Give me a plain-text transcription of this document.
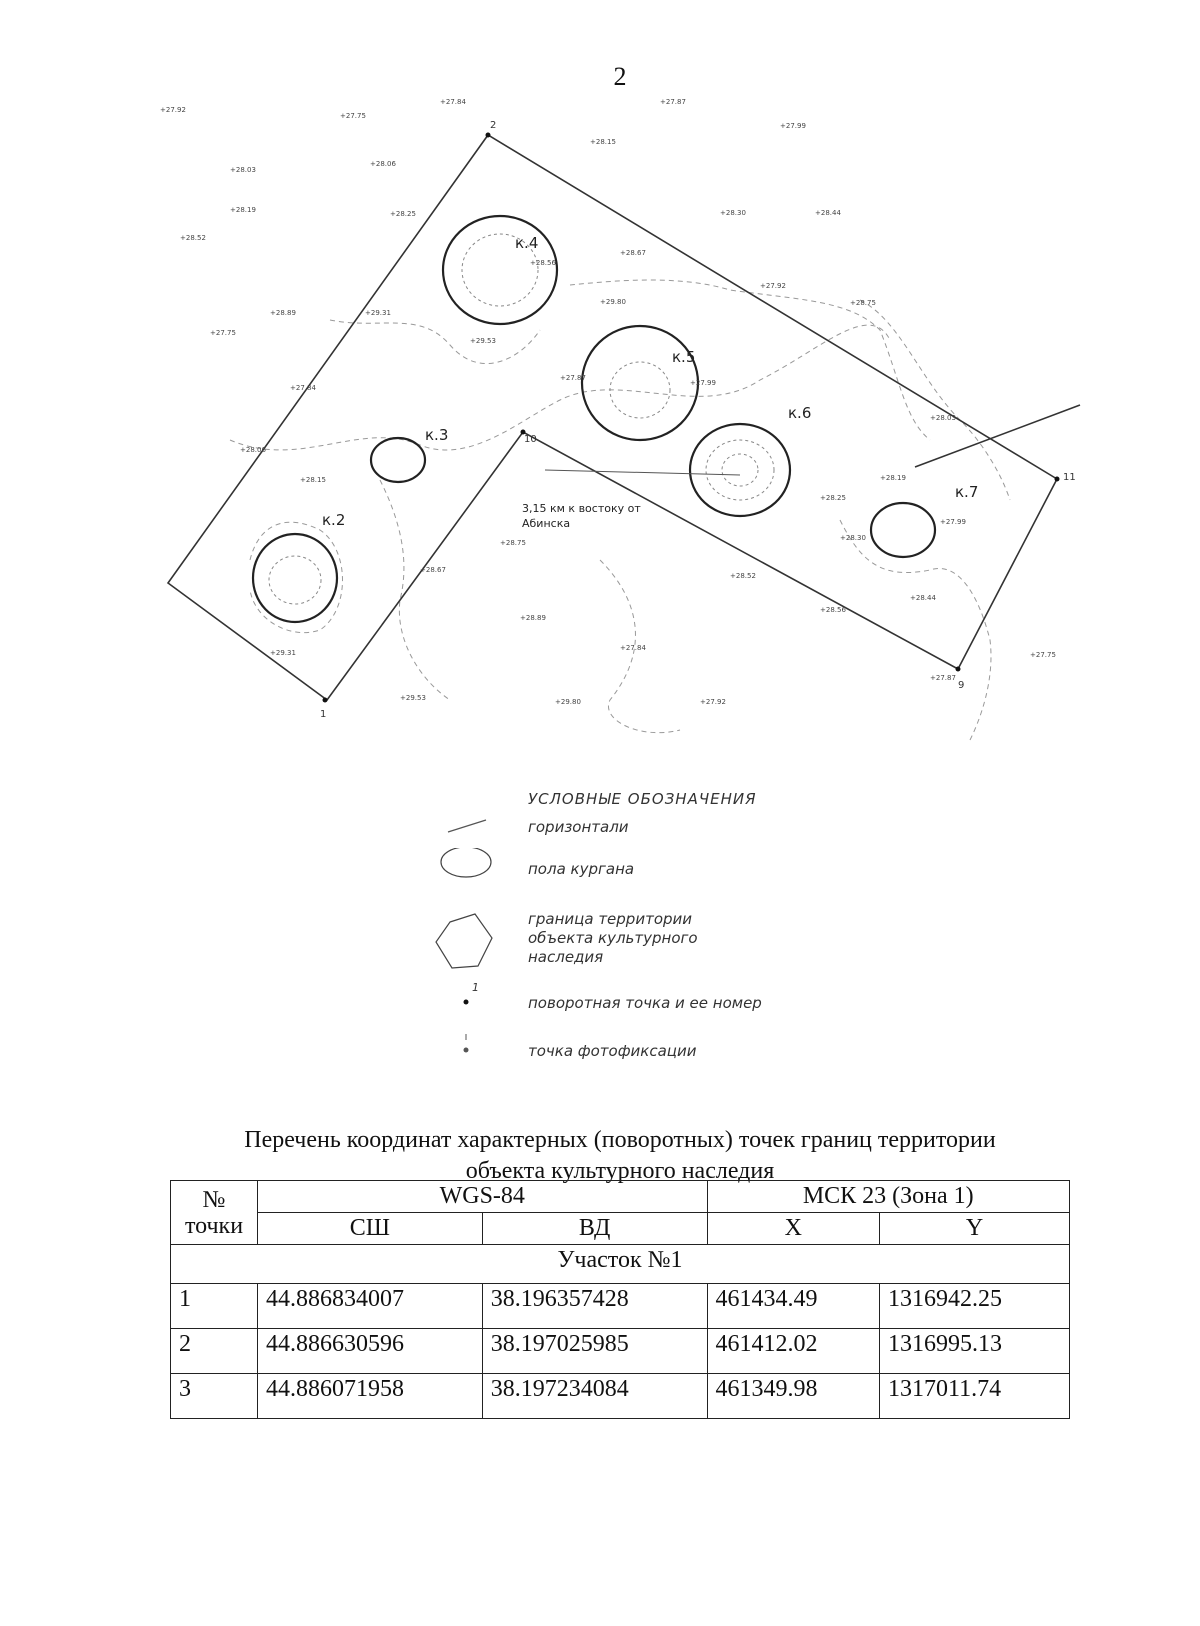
2
к.2
к.3
к.4
к.5
к.6
к.7
1
2
9
10
11
3,15 км к востоку от
Абинска
+27.92
+27.75
+27.84	+27.87
+27.99
+28.03
+28.06
+28.15
+28.19	+28.25	+28.30	+28.44
+28.52
+28.56
+28.67
+28.75
+28.89	+29.31
+29.53
+29.80
+27.92
+27.75
+27.84
+27.87
+27.99
+28.03
+28.06
+28.15	+28.19
+28.25
+28.30
+28.44
+28.52
+28.56
+28.67
+28.75
+28.89
+29.31
+29.53	+29.80	+27.92
+27.75
+27.84
+27.87
+27.99
УСЛОВНЫЕ ОБОЗНАЧЕНИЯ
горизонтали
пола кургана
граница территории
объекта культурного
наследия
1
поворотная точка и ее номер
точка фотофиксации
Перечень координат характерных (поворотных) точек границ территории
объекта культурного наследия
№
точки	WGS-84		МСК 23 (Зона 1)	
	СШ	ВД	X	Y
Участок №1				
1	44.886834007	38.196357428	461434.49	1316942.25
2	44.886630596	38.197025985	461412.02	1316995.13
3	44.886071958	38.197234084	461349.98	1317011.74
